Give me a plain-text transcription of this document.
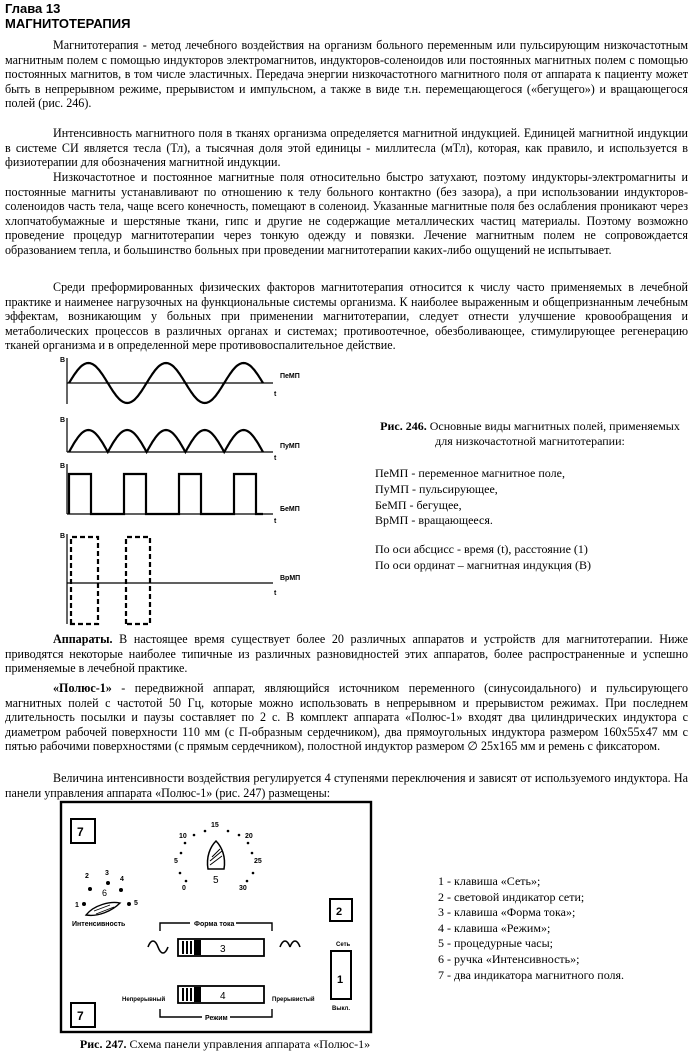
Глава 13
МАГНИТОТЕРАПИЯ

Магнитотерапия - метод лечебного воздействия на организм больного переменным или пульсирующим низкочастотным магнитным полем с помощью индукторов электромагнитов, индукторов-соленоидов или постоянных магнитных полем с помощью постоянных магнитов, в том числе эластичных. Передача энергии низкочастотного магнитного поля от аппарата к пациенту может быть в непрерывном режиме, прерывистом и импульсном, а также в виде т.н. перемещающегося («бегущего») и вращающегося полей (рис. 246).

Интенсивность магнитного поля в тканях организма определяется магнитной индукцией. Единицей магнитной индукции в системе СИ является тесла (Тл), а тысячная доля этой единицы - миллитесла (мТл), которая, как правило, и используется в физиотерапии для обозначения магнитной индукции.

Низкочастотное и постоянное магнитные поля относительно быстро затухают, поэтому индукторы-электромагниты и постоянные магниты устанавливают по отношению к телу больного контактно (без зазора), а при использовании индукторов-соленоидов часть тела, чаще всего конечность, помещают в соленоид. Указанные магнитные поля без ослабления проникают через хлопчатобумажные и шерстяные ткани, гипс и другие не содержащие металлических частиц материалы. Поэтому возможно проведение процедур магнитотерапии через тонкую одежду и повязки. Лечение магнитным полем не сопровождается образованием тепла, и большинство больных при проведении магнитотерапии каких-либо ощущений не испытывает.

Среди преформированных физических факторов магнитотерапия относится к числу часто применяемых в лечебной практике и наименее нагрузочных на функциональные системы организма. К наиболее выраженным и общепризнанным лечебным эффектам, возникающим у больных при применении магнитотерапии, следует отнести улучшение кровообращения и метаболических процессов в различных органах и системах; противоотечное, обезболивающее, стимулирующее регенерацию тканей организма и в определенной мере противовоспалительное действие.

B
t
ПеМП
B
t
ПуМП
B
t
БеМП
B
t
ВрМП
Рис. 246. Основные виды магнитных полей, применяемых для низкочастотной магнитотерапии:
ПеМП - переменное магнитное поле,
ПуМП - пульсирующее,
БеМП - бегущее,
ВрМП - вращающееся.
По оси абсцисс - время (t), расстояние (1)
По оси ординат – магнитная индукция (В)

Аппараты. В настоящее время существует более 20 различных аппаратов и устройств для магнитотерапии. Ниже приводятся некоторые наиболее типичные из различных разновидностей этих аппаратов, более распространенные и успешно применяемые в лечебной практике.

«Полюс-1» - передвижной аппарат, являющийся источником переменного (синусоидального) и пульсирующего магнитных полей с частотой 50 Гц, которые можно использовать в непрерывном и прерывистом режимах. При последнем длительность посылки и паузы составляет по 2 с. В комплект аппарата «Полюс-1» входят два цилиндрических индуктора с диаметром рабочей поверхности 110 мм (с П-образным сердечником), два прямоугольных индуктора размером 160х55х47 мм с пятью рабочими поверхностями (с прямым сердечником), полостной индуктор размером ∅ 25х165 мм и ремень с фиксатором.

Величина интенсивности воздействия регулируется 4 ступенями переключения и зависят от используемого индуктора. На панели управления аппарата «Полюс-1» (рис. 247) размещены:

7
7
10
15
20
5	25
0	30
5
1
2 3
4
5
6
Интенсивность
2
Сеть
1
Выкл.
Форма тока
3
Непрерывный	Прерывистый
4
Режим
1 - клавиша «Сеть»;
2 - световой индикатор сети;
3 - клавиша «Форма тока»;
4 - клавиша «Режим»;
5 - процедурные часы;
6 - ручка «Интенсивность»;
7 - два индикатора магнитного поля.
Рис. 247. Схема панели управления аппарата «Полюс-1»
